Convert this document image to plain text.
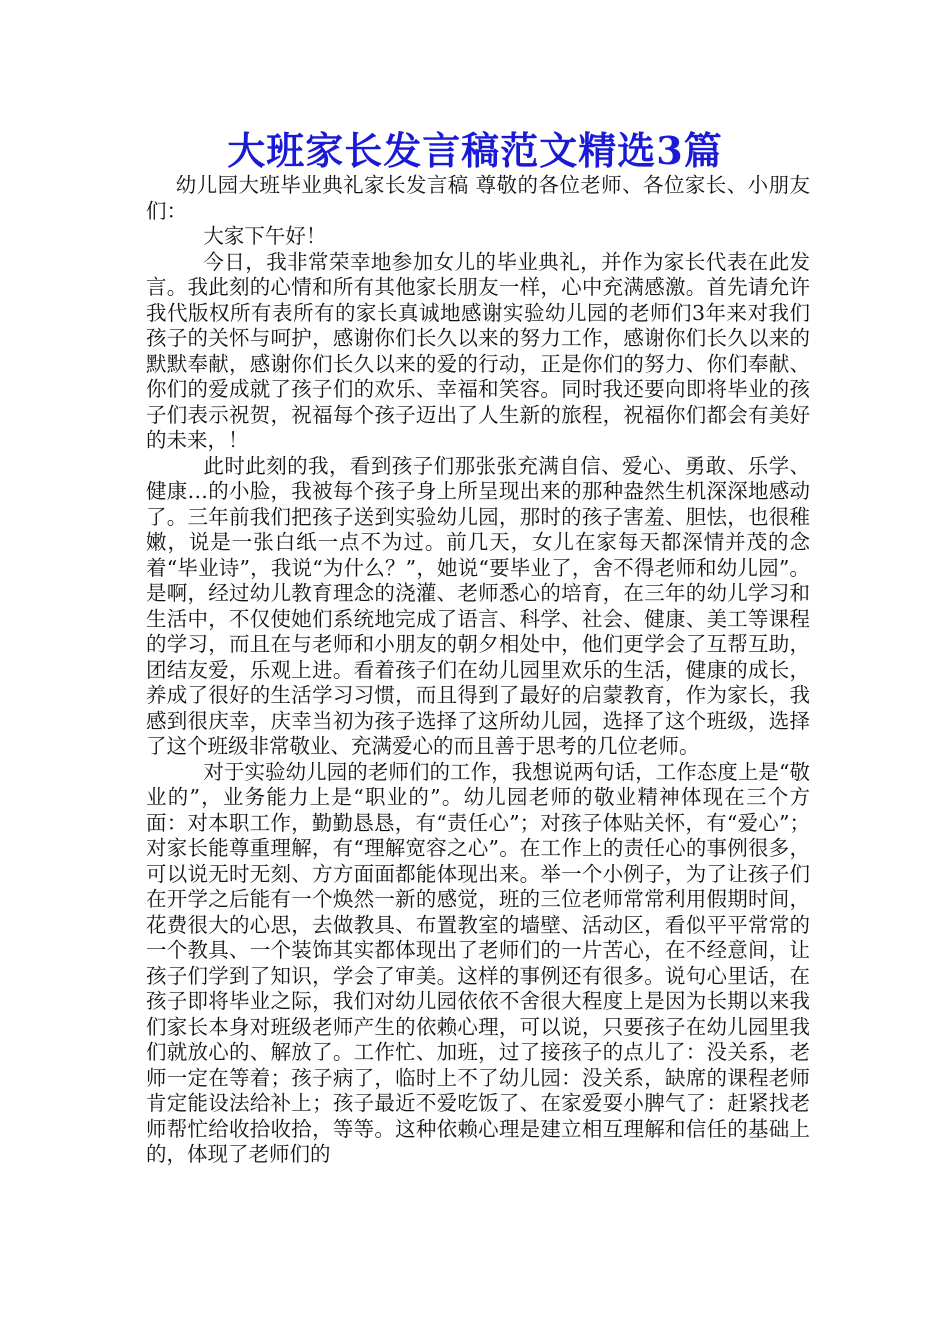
大班家长发言稿范文精选3篇

幼儿园大班毕业典礼家长发言稿 尊敬的各位老师、各位家长、小朋友们：

大家下午好！

今日，我非常荣幸地参加女儿的毕业典礼，并作为家长代表在此发言。我此刻的心情和所有其他家长朋友一样，心中充满感激。首先请允许我代版权所有表所有的家长真诚地感谢实验幼儿园的老师们3年来对我们孩子的关怀与呵护，感谢你们长久以来的努力工作，感谢你们长久以来的默默奉献，感谢你们长久以来的爱的行动，正是你们的努力、你们奉献、你们的爱成就了孩子们的欢乐、幸福和笑容。同时我还要向即将毕业的孩子们表示祝贺，祝福每个孩子迈出了人生新的旅程，祝福你们都会有美好的未来，！

此时此刻的我，看到孩子们那张张充满自信、爱心、勇敢、乐学、健康…的小脸，我被每个孩子身上所呈现出来的那种盎然生机深深地感动了。三年前我们把孩子送到实验幼儿园，那时的孩子害羞、胆怯，也很稚嫩，说是一张白纸一点不为过。前几天，女儿在家每天都深情并茂的念着“毕业诗”，我说“为什么？”，她说“要毕业了，舍不得老师和幼儿园”。是啊，经过幼儿教育理念的浇灌、老师悉心的培育，在三年的幼儿学习和生活中，不仅使她们系统地完成了语言、科学、社会、健康、美工等课程的学习，而且在与老师和小朋友的朝夕相处中，他们更学会了互帮互助，团结友爱，乐观上进。看着孩子们在幼儿园里欢乐的生活，健康的成长，养成了很好的生活学习习惯，而且得到了最好的启蒙教育，作为家长，我感到很庆幸，庆幸当初为孩子选择了这所幼儿园，选择了这个班级，选择了这个班级非常敬业、充满爱心的而且善于思考的几位老师。

对于实验幼儿园的老师们的工作，我想说两句话，工作态度上是“敬业的”，业务能力上是“职业的”。幼儿园老师的敬业精神体现在三个方面：对本职工作，勤勤恳恳，有“责任心”；对孩子体贴关怀，有“爱心”；对家长能尊重理解，有“理解宽容之心”。在工作上的责任心的事例很多，可以说无时无刻、方方面面都能体现出来。举一个小例子，为了让孩子们在开学之后能有一个焕然一新的感觉，班的三位老师常常利用假期时间，花费很大的心思，去做教具、布置教室的墙壁、活动区，看似平平常常的一个教具、一个装饰其实都体现出了老师们的一片苦心，在不经意间，让孩子们学到了知识，学会了审美。这样的事例还有很多。说句心里话，在孩子即将毕业之际，我们对幼儿园依依不舍很大程度上是因为长期以来我们家长本身对班级老师产生的依赖心理，可以说，只要孩子在幼儿园里我们就放心的、解放了。工作忙、加班，过了接孩子的点儿了：没关系，老师一定在等着；孩子病了，临时上不了幼儿园：没关系，缺席的课程老师肯定能设法给补上；孩子最近不爱吃饭了、在家爱耍小脾气了：赶紧找老师帮忙给收拾收拾，等等。这种依赖心理是建立相互理解和信任的基础上的，体现了老师们的
